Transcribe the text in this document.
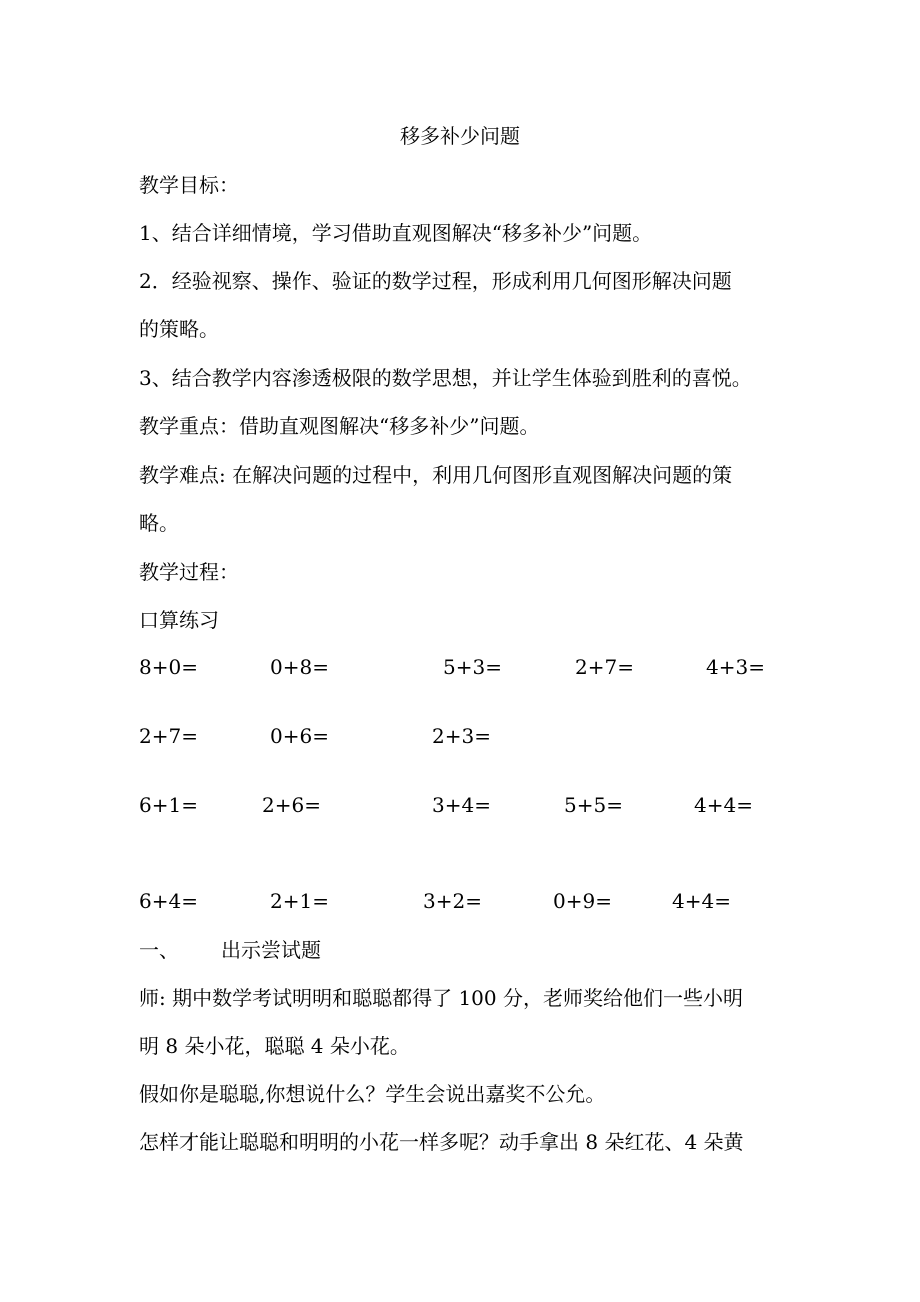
移多补少问题
教学目标：
1、结合详细情境，学习借助直观图解决“移多补少”问题。
2．经验视察、操作、验证的数学过程，形成利用几何图形解决问题
的策略。
3、结合教学内容渗透极限的数学思想，并让学生体验到胜利的喜悦。
教学重点：借助直观图解决“移多补少”问题。
教学难点: 在解决问题的过程中，利用几何图形直观图解决问题的策
略。
教学过程：
口算练习
8+0=	0+8=	5+3=	2+7=	4+3=
2+7=	0+6=	2+3=
6+1=	2+6=	3+4=	5+5=	4+4=
6+4=	2+1=	3+2=	0+9=	4+4=
一、 出示尝试题
师: 期中数学考试明明和聪聪都得了 100 分，老师奖给他们一些小明
明 8 朵小花，聪聪 4 朵小花。
假如你是聪聪,你想说什么？学生会说出嘉奖不公允。
怎样才能让聪聪和明明的小花一样多呢？动手拿出 8 朵红花、4 朵黄
